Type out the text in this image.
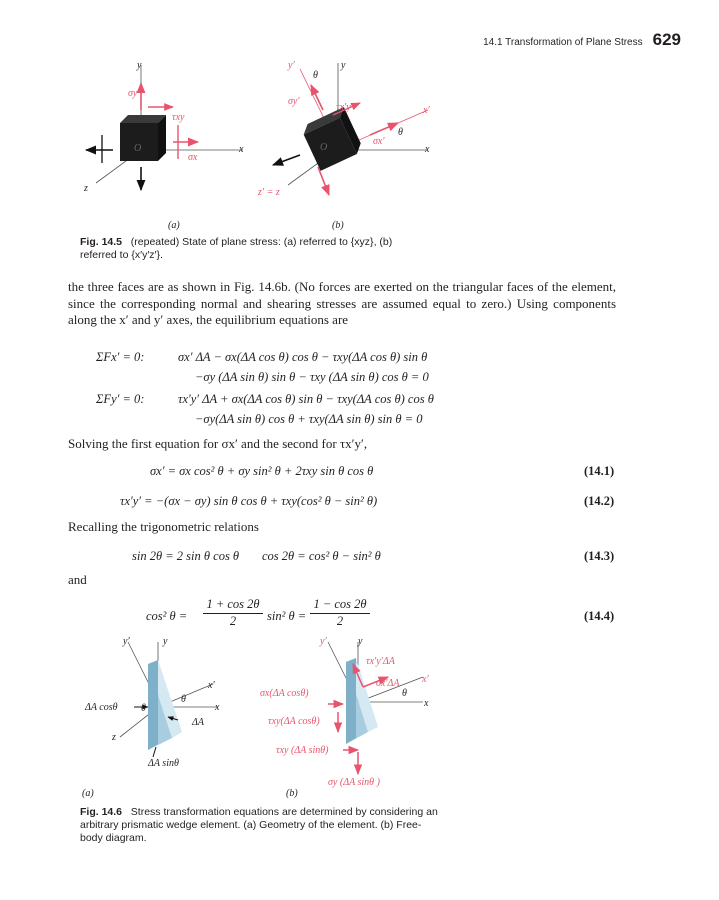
14.1 Transformation of Plane Stress 629
y
x
z
σy
τxy
σx
O
y′	y
θ
x′
x
θ
σy′
τx′y′
σx′
z′ = z
O
(a)	(b)
Fig. 14.5 (repeated) State of plane stress: (a) referred to {xyz}, (b) referred to {x′y′z′}.
the three faces are as shown in Fig. 14.6b. (No forces are exerted on the triangular faces of the element, since the corresponding normal and shearing stresses are assumed equal to zero.) Using components along the x′ and y′ axes, the equilibrium equations are
ΣFx′ = 0:	σx′ ΔA − σx(ΔA cos θ) cos θ − τxy(ΔA cos θ) sin θ
−σy (ΔA sin θ) sin θ − τxy (ΔA sin θ) cos θ = 0
ΣFy′ = 0:	τx′y′ ΔA + σx(ΔA cos θ) sin θ − τxy(ΔA cos θ) cos θ
−σy(ΔA sin θ) cos θ + τxy(ΔA sin θ) sin θ = 0
Solving the first equation for σx′ and the second for τx′y′,
σx′ = σx cos² θ + σy sin² θ + 2τxy sin θ cos θ	(14.1)
τx′y′ = −(σx − σy) sin θ cos θ + τxy(cos² θ − sin² θ)	(14.2)
Recalling the trigonometric relations
sin 2θ = 2 sin θ cos θ cos 2θ = cos² θ − sin² θ	(14.3)
and
cos² $\theta = \frac{1 + \cos 2\theta}{2} \sin^2$ $\theta = \frac{1 - \cos 2\theta}{2}$	(14.4)
y′	y
x′
x
z
θ
θ
ΔA cosθ
ΔA
ΔA sinθ
y′	y
x′
x
θ
τx′y′ΔA
σx′ΔA
σx(ΔA cosθ)
τxy(ΔA cosθ)
τxy (ΔA sinθ)
σy (ΔA sinθ )
(a)	(b)
Fig. 14.6 Stress transformation equations are determined by considering an arbitrary prismatic wedge element. (a) Geometry of the element. (b) Free-body diagram.
